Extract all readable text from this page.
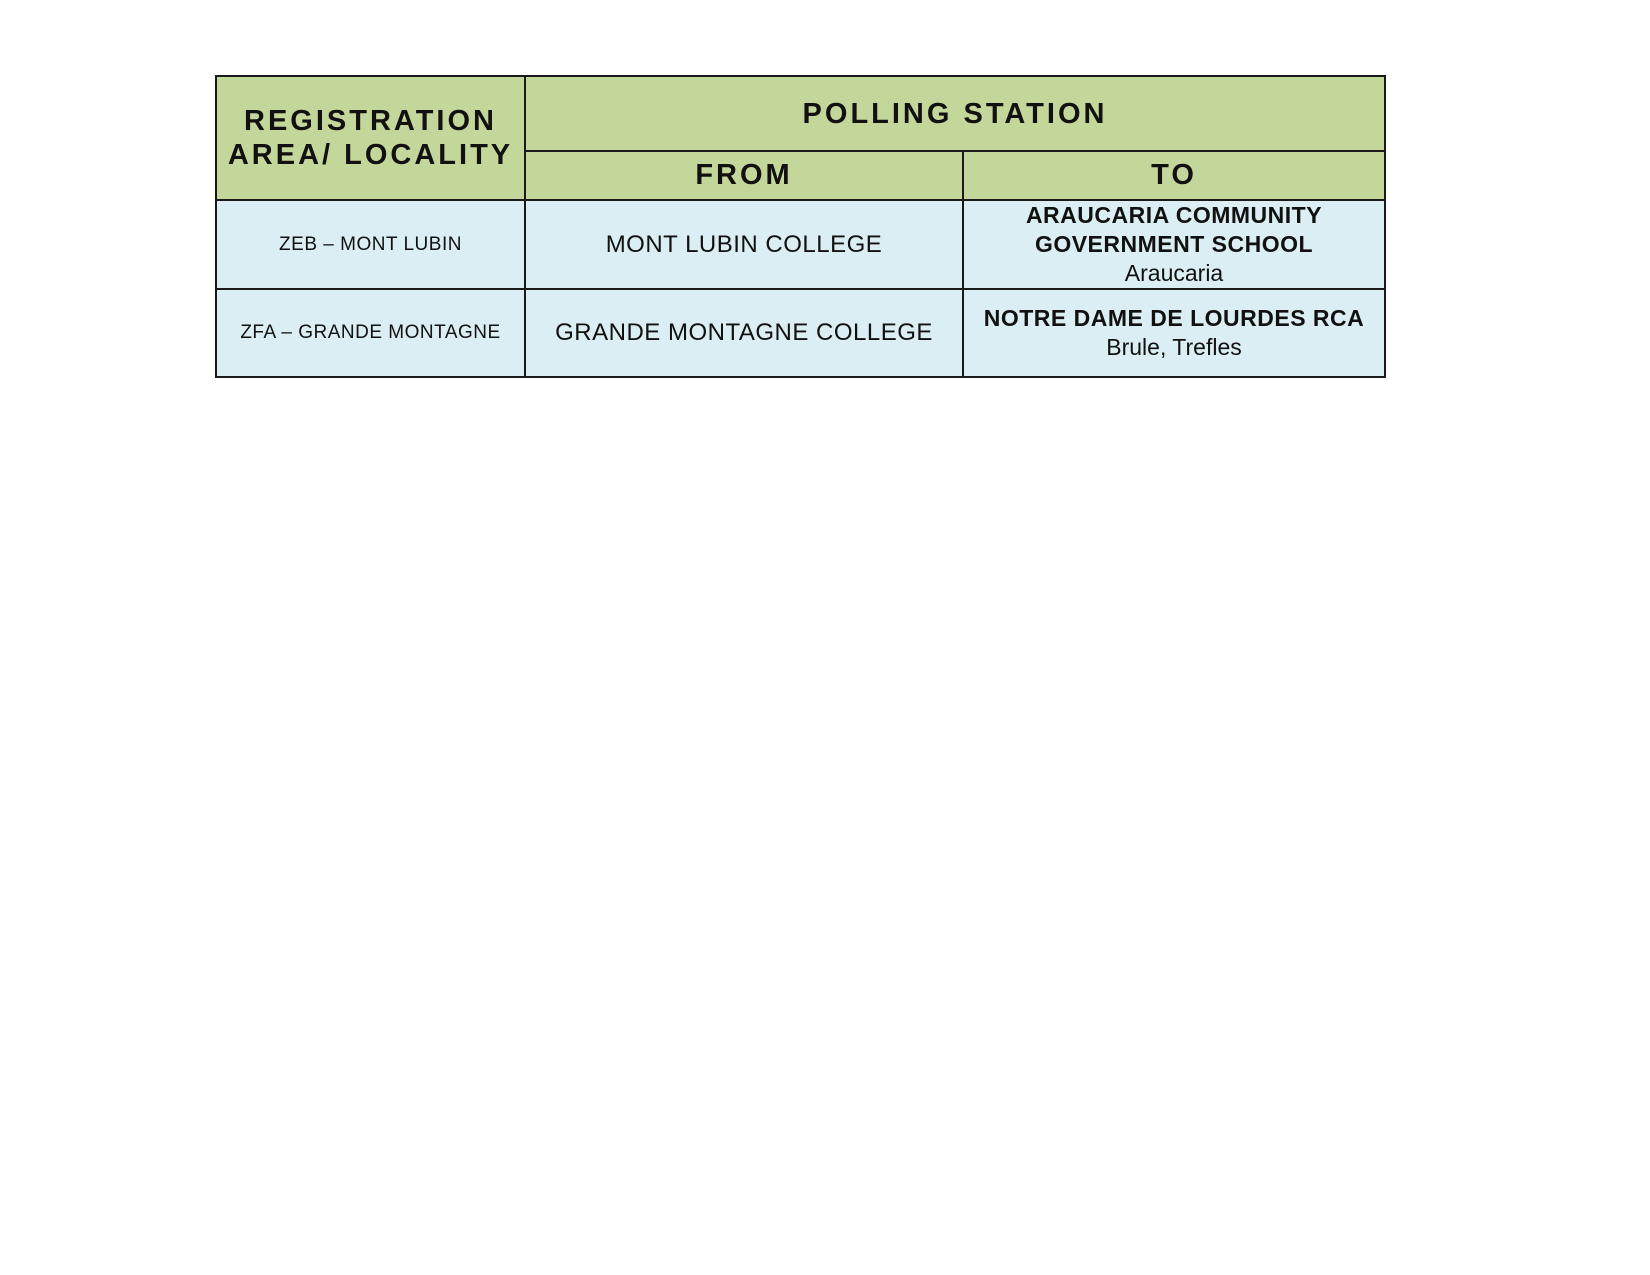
REGISTRATION AREA/ LOCALITY	POLLING STATION	
	FROM	TO
ZEB – MONT LUBIN	MONT LUBIN COLLEGE	ARAUCARIA COMMUNITY GOVERNMENT SCHOOL
Araucaria

ZFA – GRANDE MONTAGNE	GRANDE MONTAGNE COLLEGE	NOTRE DAME DE LOURDES RCA
Brule, Trefles
